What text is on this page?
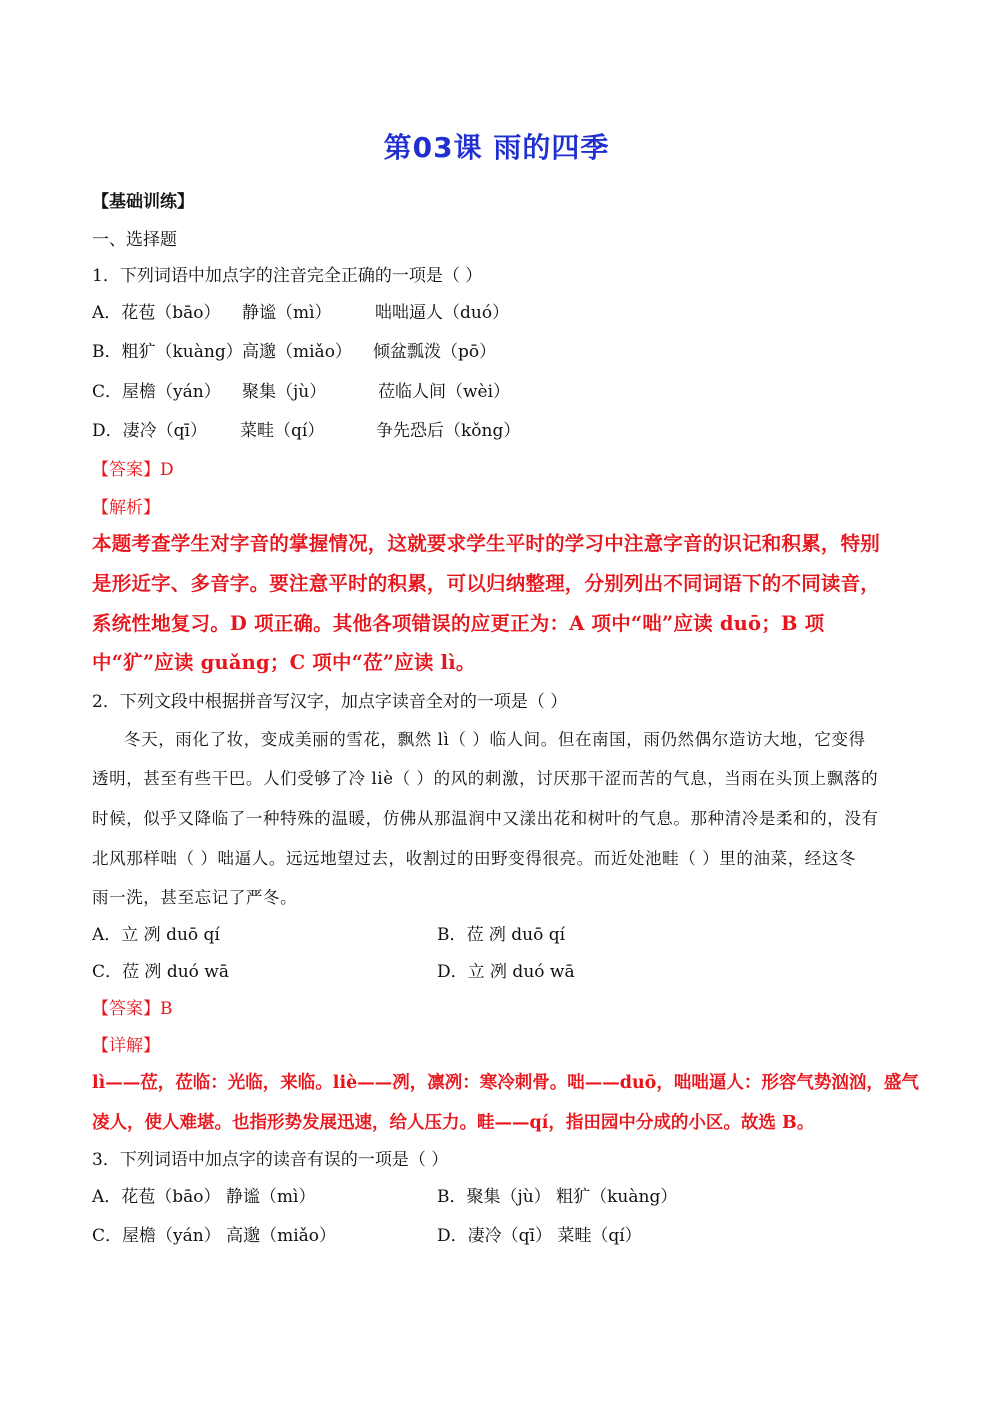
第03课 雨的四季
【基础训练】
一、选择题
1．下列词语中加点字的注音完全正确的一项是（ ）
A．花苞（bāo） 静谧（mì）	咄咄逼人（duó）
B．粗犷（kuàng） 高邈（miǎo） 倾盆瓢泼（pō）
C．屋檐（yán） 聚集（jù）	莅临人间（wèi）
D．凄冷（qī） 菜畦（qí）	争先恐后（kǒng）
【答案】D
【解析】
本题考查学生对字音的掌握情况，这就要求学生平时的学习中注意字音的识记和积累，特别
是形近字、多音字。要注意平时的积累，可以归纳整理，分别列出不同词语下的不同读音，
系统性地复习。D 项正确。其他各项错误的应更正为：A 项中“咄”应读 duō；B 项
中“犷”应读 guǎng；C 项中“莅”应读 lì。
2．下列文段中根据拼音写汉字，加点字读音全对的一项是（ ）
冬天，雨化了妆，变成美丽的雪花，飘然 lì（ ）临人间。但在南国，雨仍然偶尔造访大地，它变得
透明，甚至有些干巴。人们受够了冷 liè（ ）的风的刺激，讨厌那干涩而苦的气息，当雨在头顶上飘落的
时候，似乎又降临了一种特殊的温暖，仿佛从那温润中又漾出花和树叶的气息。那种清冷是柔和的，没有
北风那样咄（ ）咄逼人。远远地望过去，收割过的田野变得很亮。而近处池畦（ ）里的油菜，经这冬
雨一洗，甚至忘记了严冬。
A．立 冽 duō qí	B．莅 冽 duō qí
C．莅 冽 duó wā	D．立 冽 duó wā
【答案】B
【详解】
lì——莅，莅临：光临，来临。liè——冽，凛冽：寒冷刺骨。咄——duō，咄咄逼人：形容气势汹汹，盛气
凌人，使人难堪。也指形势发展迅速，给人压力。畦——qí，指田园中分成的小区。故选 B。
3．下列词语中加点字的读音有误的一项是（ ）
A．花苞（bāo） 静谧（mì）	B．聚集（jù） 粗犷（kuàng）
C．屋檐（yán） 高邈（miǎo）	D．凄冷（qī） 菜畦（qí）
